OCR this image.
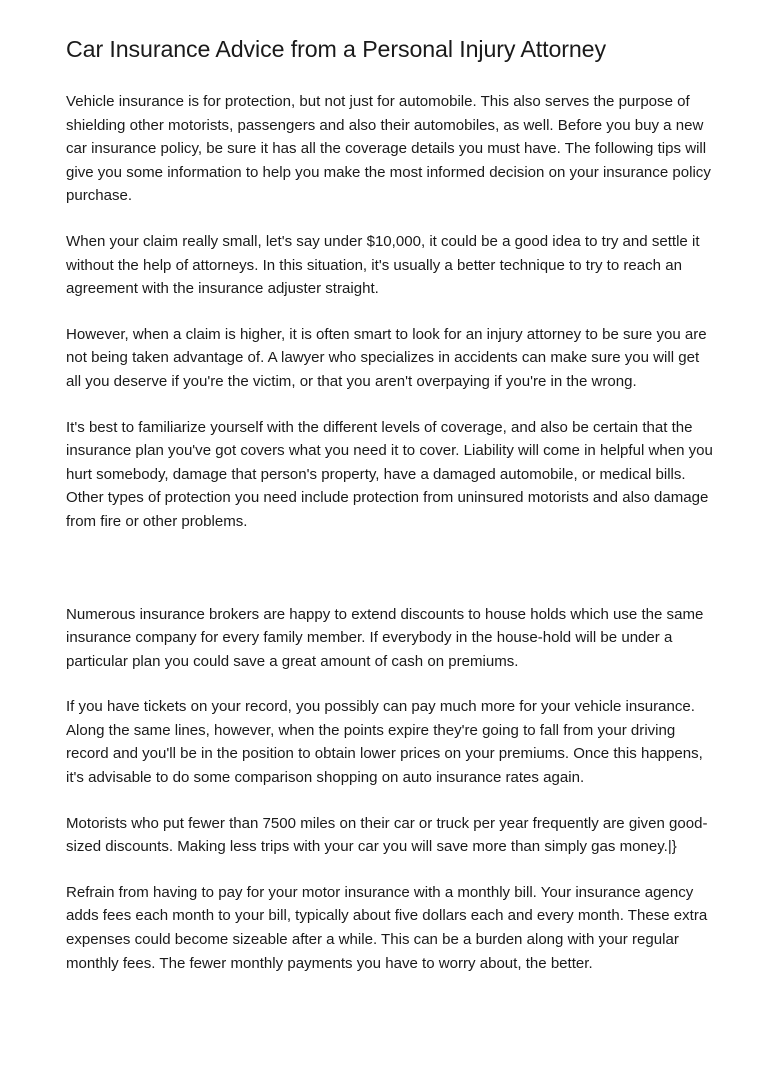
Car Insurance Advice from a Personal Injury Attorney

Vehicle insurance is for protection, but not just for automobile. This also serves the purpose of shielding other motorists, passengers and also their automobiles, as well. Before you buy a new car insurance policy, be sure it has all the coverage details you must have. The following tips will give you some information to help you make the most informed decision on your insurance policy purchase.

When your claim really small, let's say under $10,000, it could be a good idea to try and settle it without the help of attorneys. In this situation, it's usually a better technique to try to reach an agreement with the insurance adjuster straight.

However, when a claim is higher, it is often smart to look for an injury attorney to be sure you are not being taken advantage of. A lawyer who specializes in accidents can make sure you will get all you deserve if you're the victim, or that you aren't overpaying if you're in the wrong.

It's best to familiarize yourself with the different levels of coverage, and also be certain that the insurance plan you've got covers what you need it to cover. Liability will come in helpful when you hurt somebody, damage that person's property, have a damaged automobile, or medical bills. Other types of protection you need include protection from uninsured motorists and also damage from fire or other problems.

Numerous insurance brokers are happy to extend discounts to house holds which use the same insurance company for every family member. If everybody in the house-hold will be under a particular plan you could save a great amount of cash on premiums.

If you have tickets on your record, you possibly can pay much more for your vehicle insurance. Along the same lines, however, when the points expire they're going to fall from your driving record and you'll be in the position to obtain lower prices on your premiums. Once this happens, it's advisable to do some comparison shopping on auto insurance rates again.

Motorists who put fewer than 7500 miles on their car or truck per year frequently are given good-sized discounts. Making less trips with your car you will save more than simply gas money.|}

Refrain from having to pay for your motor insurance with a monthly bill. Your insurance agency adds fees each month to your bill, typically about five dollars each and every month. These extra expenses could become sizeable after a while. This can be a burden along with your regular monthly fees. The fewer monthly payments you have to worry about, the better.
